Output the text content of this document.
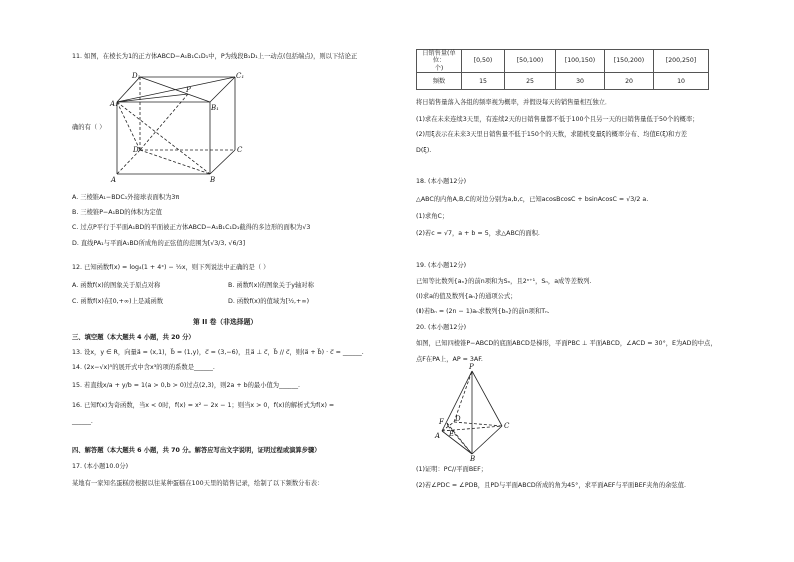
11. 如图，在棱长为1的正方体ABCD−A₁B₁C₁D₁中，P为线段B₁D₁上一动点(包括端点)，则以下结论正
D₁	C₁
A₁	B₁
P
D	C
A	B
确的有（ ）
A. 三棱锥A₁−BDC₁外接球表面积为3π
B. 三棱锥P−A₁BD的体积为定值
C. 过点P平行于平面A₁BD的平面被正方体ABCD−A₁B₁C₁D₁截得的多边形的面积为√3
D. 直线PA₁与平面A₁BD所成角的正弦值的范围为[√3/3, √6/3]
12. 已知函数f(x) = log₄(1 + 4ˣ) − ½x，则下列说法中正确的是（ ）
A. 函数f(x)的图象关于原点对称	B. 函数f(x)的图象关于y轴对称
C. 函数f(x)在[0,+∞)上是减函数	D. 函数f(x)的值域为[½,+∞)
第 II 卷（非选择题）
三、填空题（本大题共 4 小题，共 20 分）
13. 设x，y ∈ R，向量a⃗ = (x,1)，b⃗ = (1,y)，c⃗ = (3,−6)，且a⃗ ⊥ c⃗，b⃗ // c⃗，则(a⃗ + b⃗) · c⃗ = ______.
14. (2x−√x)⁵的展开式中含x³的项的系数是______.
15. 若直线x/a + y/b = 1(a > 0,b > 0)过点(2,3)，则2a + b的最小值为______.
16. 已知f(x)为奇函数，当x < 0时，f(x) = x² − 2x − 1；则当x > 0，f(x)的解析式为f(x) =
______.
四、解答题（本大题共 6 小题，共 70 分。解答应写出文字说明，证明过程或演算步骤）
17. (本小题10.0分)
某地有一家知名蛋糕房根据以往某种蛋糕在100天里的销售记录，绘制了以下频数分布表：
日销售量(单位：
个)	[0,50)	[50,100)	[100,150)	[150,200)	[200,250]
频数	15	25	30	20	10
将日销售量落入各组的频率视为概率，并假设每天的销售量相互独立．
(1)求在未来连续3天里，有连续2天的日销售量都不低于100个且另一天的日销售量低于50个的概率；
(2)用ξ表示在未来3天里日销售量不低于150个的天数，求随机变量ξ的概率分布、均值E(ξ)和方差
D(ξ).
18. (本小题12分)
△ABC的内角A,B,C的对边分别为a,b,c，已知acosBcosC + bsinAcosC = √3/2 a.
(1)求角C；
(2)若c = √7，a + b = 5，求△ABC的面积.
19. (本小题12分)
已知等比数列{aₙ}的前n项和为Sₙ，且2ⁿ⁺¹，Sₙ，a成等差数列.
(Ⅰ)求a的值及数列{aₙ}的通项公式；
(Ⅱ)若bₙ = (2n − 1)aₙ求数列{bₙ}的前n项和Tₙ.
20. (本小题12分)
如图，已知四棱锥P−ABCD的底面ABCD是梯形，平面PBC ⊥ 平面ABCD，∠ACD = 30°，E为AD的中点，
点F在PA上，AP = 3AF.
P
F D
C
E
A
B
(1)证明：PC//平面BEF；
(2)若∠PDC = ∠PDB，且PD与平面ABCD所成的角为45°，求平面AEF与平面BEF夹角的余弦值.
